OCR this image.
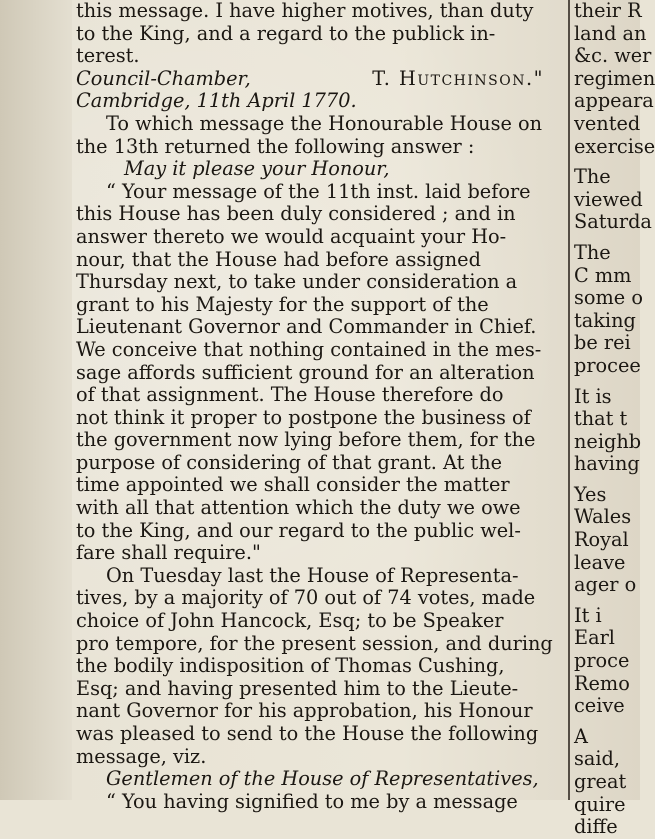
this message. I have higher motives, than duty
to the King, and a regard to the publick in-
terest.
Council-Chamber,	T. Hutchinson."
Cambridge, 11th April 1770.
To which message the Honourable House on
the 13th returned the following answer :
May it please your Honour,
“ Your message of the 11th inst. laid before
this House has been duly considered ; and in
answer thereto we would acquaint your Ho-
nour, that the House had before assigned
Thursday next, to take under consideration a
grant to his Majesty for the support of the
Lieutenant Governor and Commander in Chief.
We conceive that nothing contained in the mes-
sage affords sufficient ground for an alteration
of that assignment. The House therefore do
not think it proper to postpone the business of
the government now lying before them, for the
purpose of considering of that grant. At the
time appointed we shall consider the matter
with all that attention which the duty we owe
to the King, and our regard to the public wel-
fare shall require."
On Tuesday last the House of Representa-
tives, by a majority of 70 out of 74 votes, made
choice of John Hancock, Esq; to be Speaker
pro tempore, for the present session, and during
the bodily indisposition of Thomas Cushing,
Esq; and having presented him to the Lieute-
nant Governor for his approbation, his Honour
was pleased to send to the House the following
message, viz.
Gentlemen of the House of Representatives,
“ You having signified to me by a message
their R
land an
&c. wer
regimen
appeara
vented
exercise
The
viewed
Saturda
The
C mm
some o
taking
be rei
procee
It is
that t
neighb
having
Yes
Wales
Royal
leave
ager o
It i
Earl
proce
Remo
ceive
A
said,
great
quire
diffe
